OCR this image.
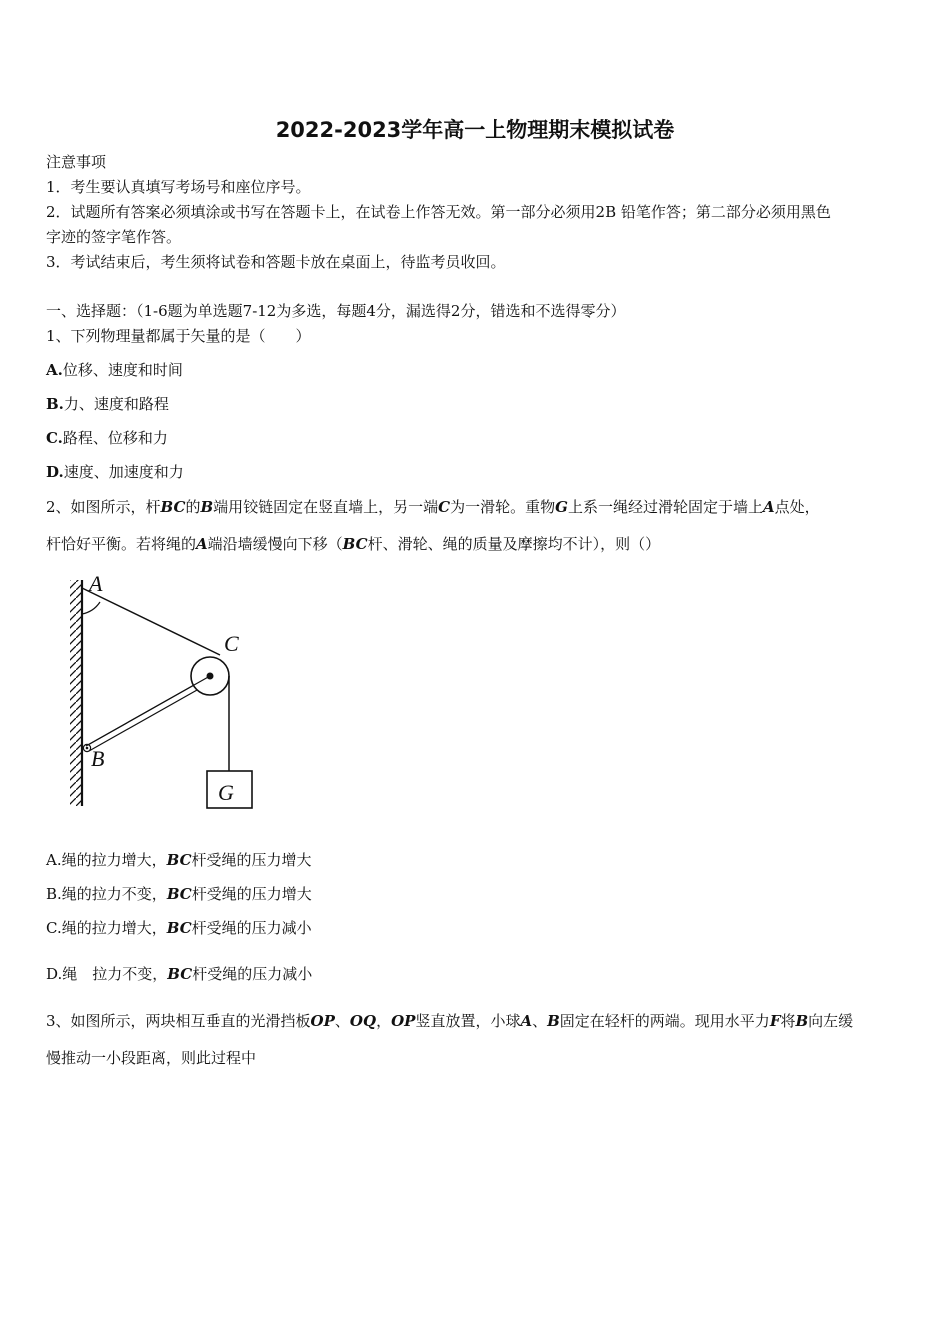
2022-2023学年高一上物理期末模拟试卷
注意事项
1．考生要认真填写考场号和座位序号。
2．试题所有答案必须填涂或书写在答题卡上，在试卷上作答无效。第一部分必须用2B 铅笔作答；第二部分必须用黑色
字迹的签字笔作答。
3．考试结束后，考生须将试卷和答题卡放在桌面上，待监考员收回。
一、选择题：（1-6题为单选题7-12为多选，每题4分，漏选得2分，错选和不选得零分）
1、下列物理量都属于矢量的是（　　）
A.位移、速度和时间
B.力、速度和路程
C.路程、位移和力
D.速度、加速度和力
2、如图所示，杆BC的B端用铰链固定在竖直墙上，另一端C为一滑轮。重物G上系一绳经过滑轮固定于墙上A点处，
杆恰好平衡。若将绳的A端沿墙缓慢向下移（BC杆、滑轮、绳的质量及摩擦均不计），则（）
A
C
B
G
A.绳的拉力增大，BC杆受绳的压力增大
B.绳的拉力不变，BC杆受绳的压力增大
C.绳的拉力增大，BC杆受绳的压力减小
D.绳　拉力不变，BC杆受绳的压力减小
3、如图所示，两块相互垂直的光滑挡板OP、OQ，OP竖直放置，小球A、B固定在轻杆的两端。现用水平力F将B向左缓
慢推动一小段距离，则此过程中
